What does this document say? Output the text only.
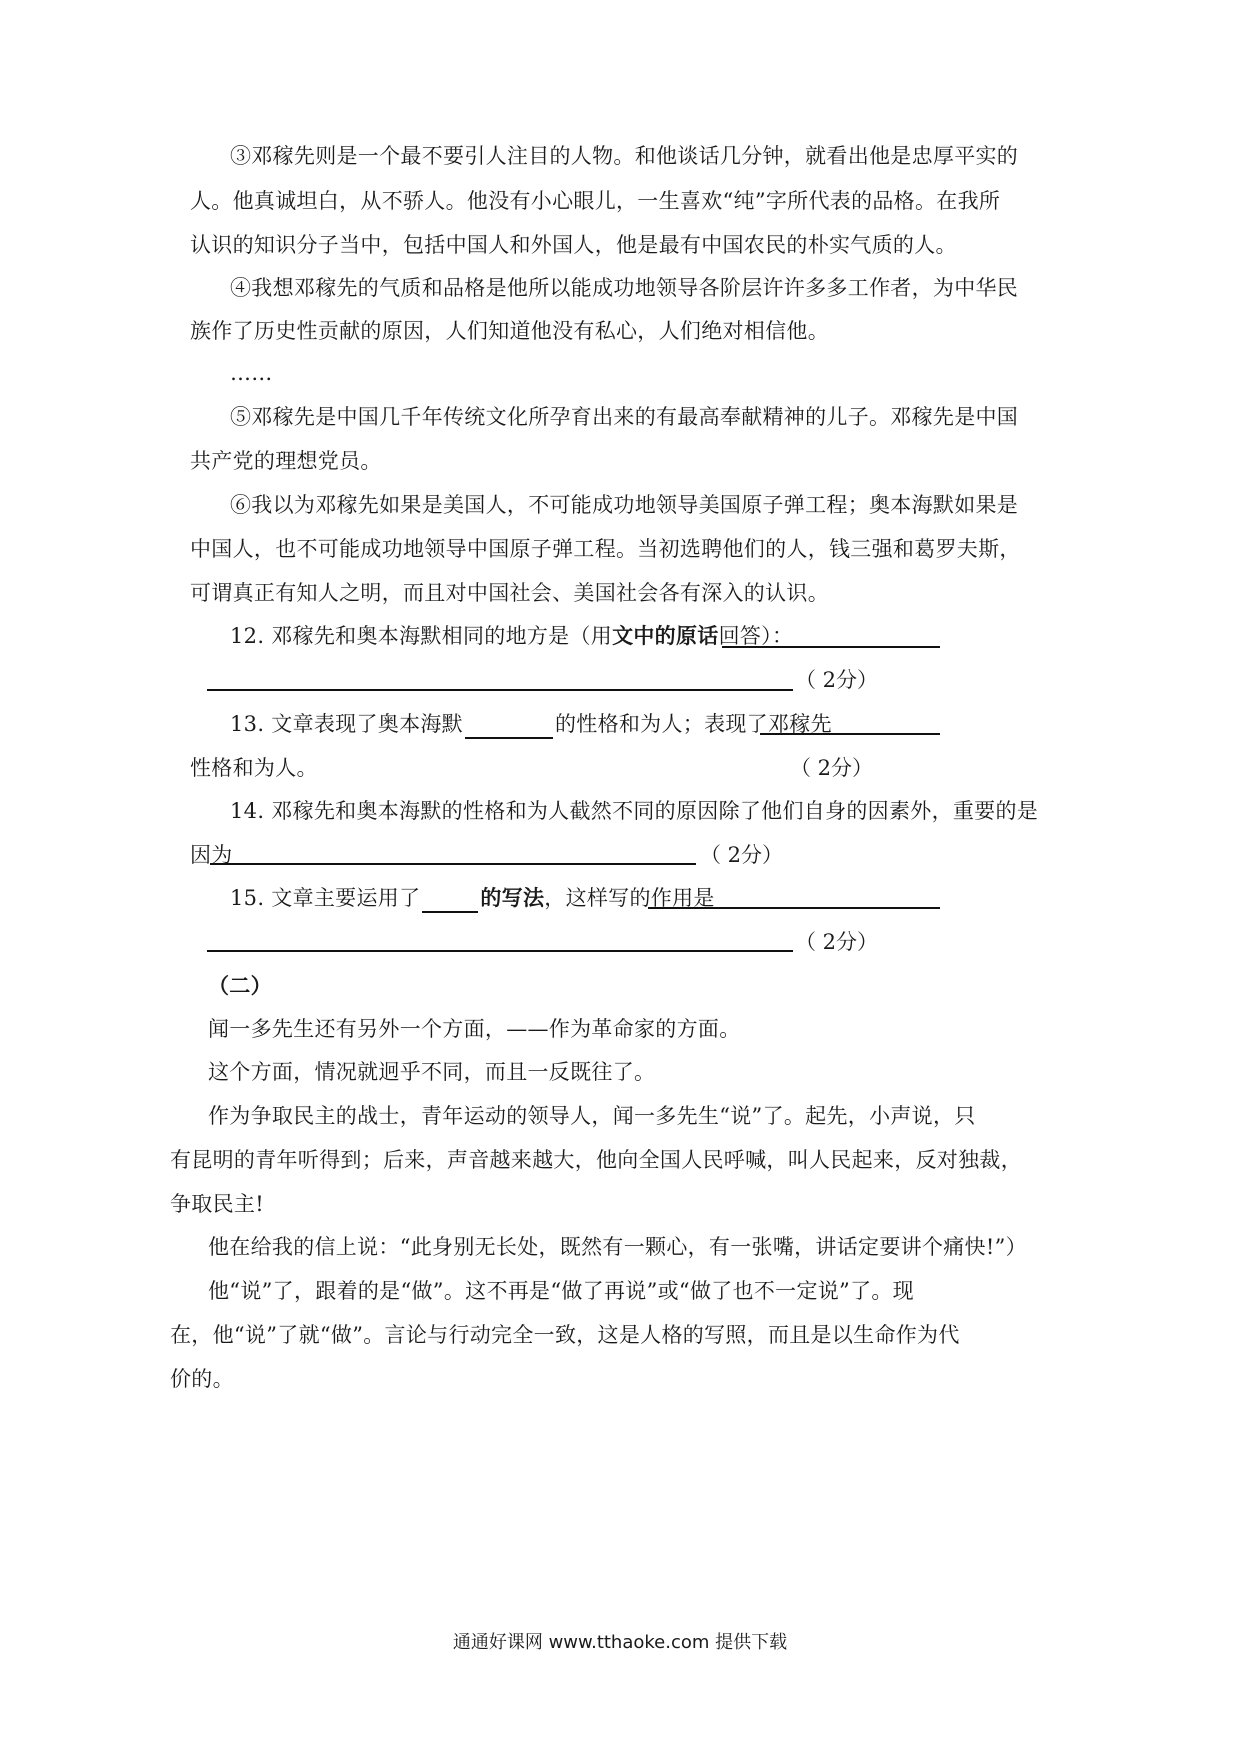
③邓稼先则是一个最不要引人注目的人物。和他谈话几分钟，就看出他是忠厚平实的
人。他真诚坦白，从不骄人。他没有小心眼儿，一生喜欢“纯”字所代表的品格。在我所
认识的知识分子当中，包括中国人和外国人，他是最有中国农民的朴实气质的人。
④我想邓稼先的气质和品格是他所以能成功地领导各阶层许许多多工作者，为中华民
族作了历史性贡献的原因，人们知道他没有私心，人们绝对相信他。
……
⑤邓稼先是中国几千年传统文化所孕育出来的有最高奉献精神的儿子。邓稼先是中国
共产党的理想党员。
⑥我以为邓稼先如果是美国人，不可能成功地领导美国原子弹工程；奥本海默如果是
中国人，也不可能成功地领导中国原子弹工程。当初选聘他们的人，钱三强和葛罗夫斯，
可谓真正有知人之明，而且对中国社会、美国社会各有深入的认识。
12. 邓稼先和奥本海默相同的地方是（用文中的原话回答）：
（ 2分）
13. 文章表现了奥本海默	的性格和为人；表现了邓稼先
性格和为人。	（ 2分）
14. 邓稼先和奥本海默的性格和为人截然不同的原因除了他们自身的因素外，重要的是
因为	（ 2分）
15. 文章主要运用了	的写法，这样写的作用是
（ 2分）
（二）
闻一多先生还有另外一个方面，——作为革命家的方面。
这个方面，情况就迥乎不同，而且一反既往了。
作为争取民主的战士，青年运动的领导人，闻一多先生“说”了。起先，小声说，只
有昆明的青年听得到；后来，声音越来越大，他向全国人民呼喊，叫人民起来，反对独裁，
争取民主!
他在给我的信上说：“此身别无长处，既然有一颗心，有一张嘴，讲话定要讲个痛快!”）
他“说”了，跟着的是“做”。这不再是“做了再说”或“做了也不一定说”了。现
在，他“说”了就“做”。言论与行动完全一致，这是人格的写照，而且是以生命作为代
价的。
通通好课网 www.tthaoke.com 提供下载
